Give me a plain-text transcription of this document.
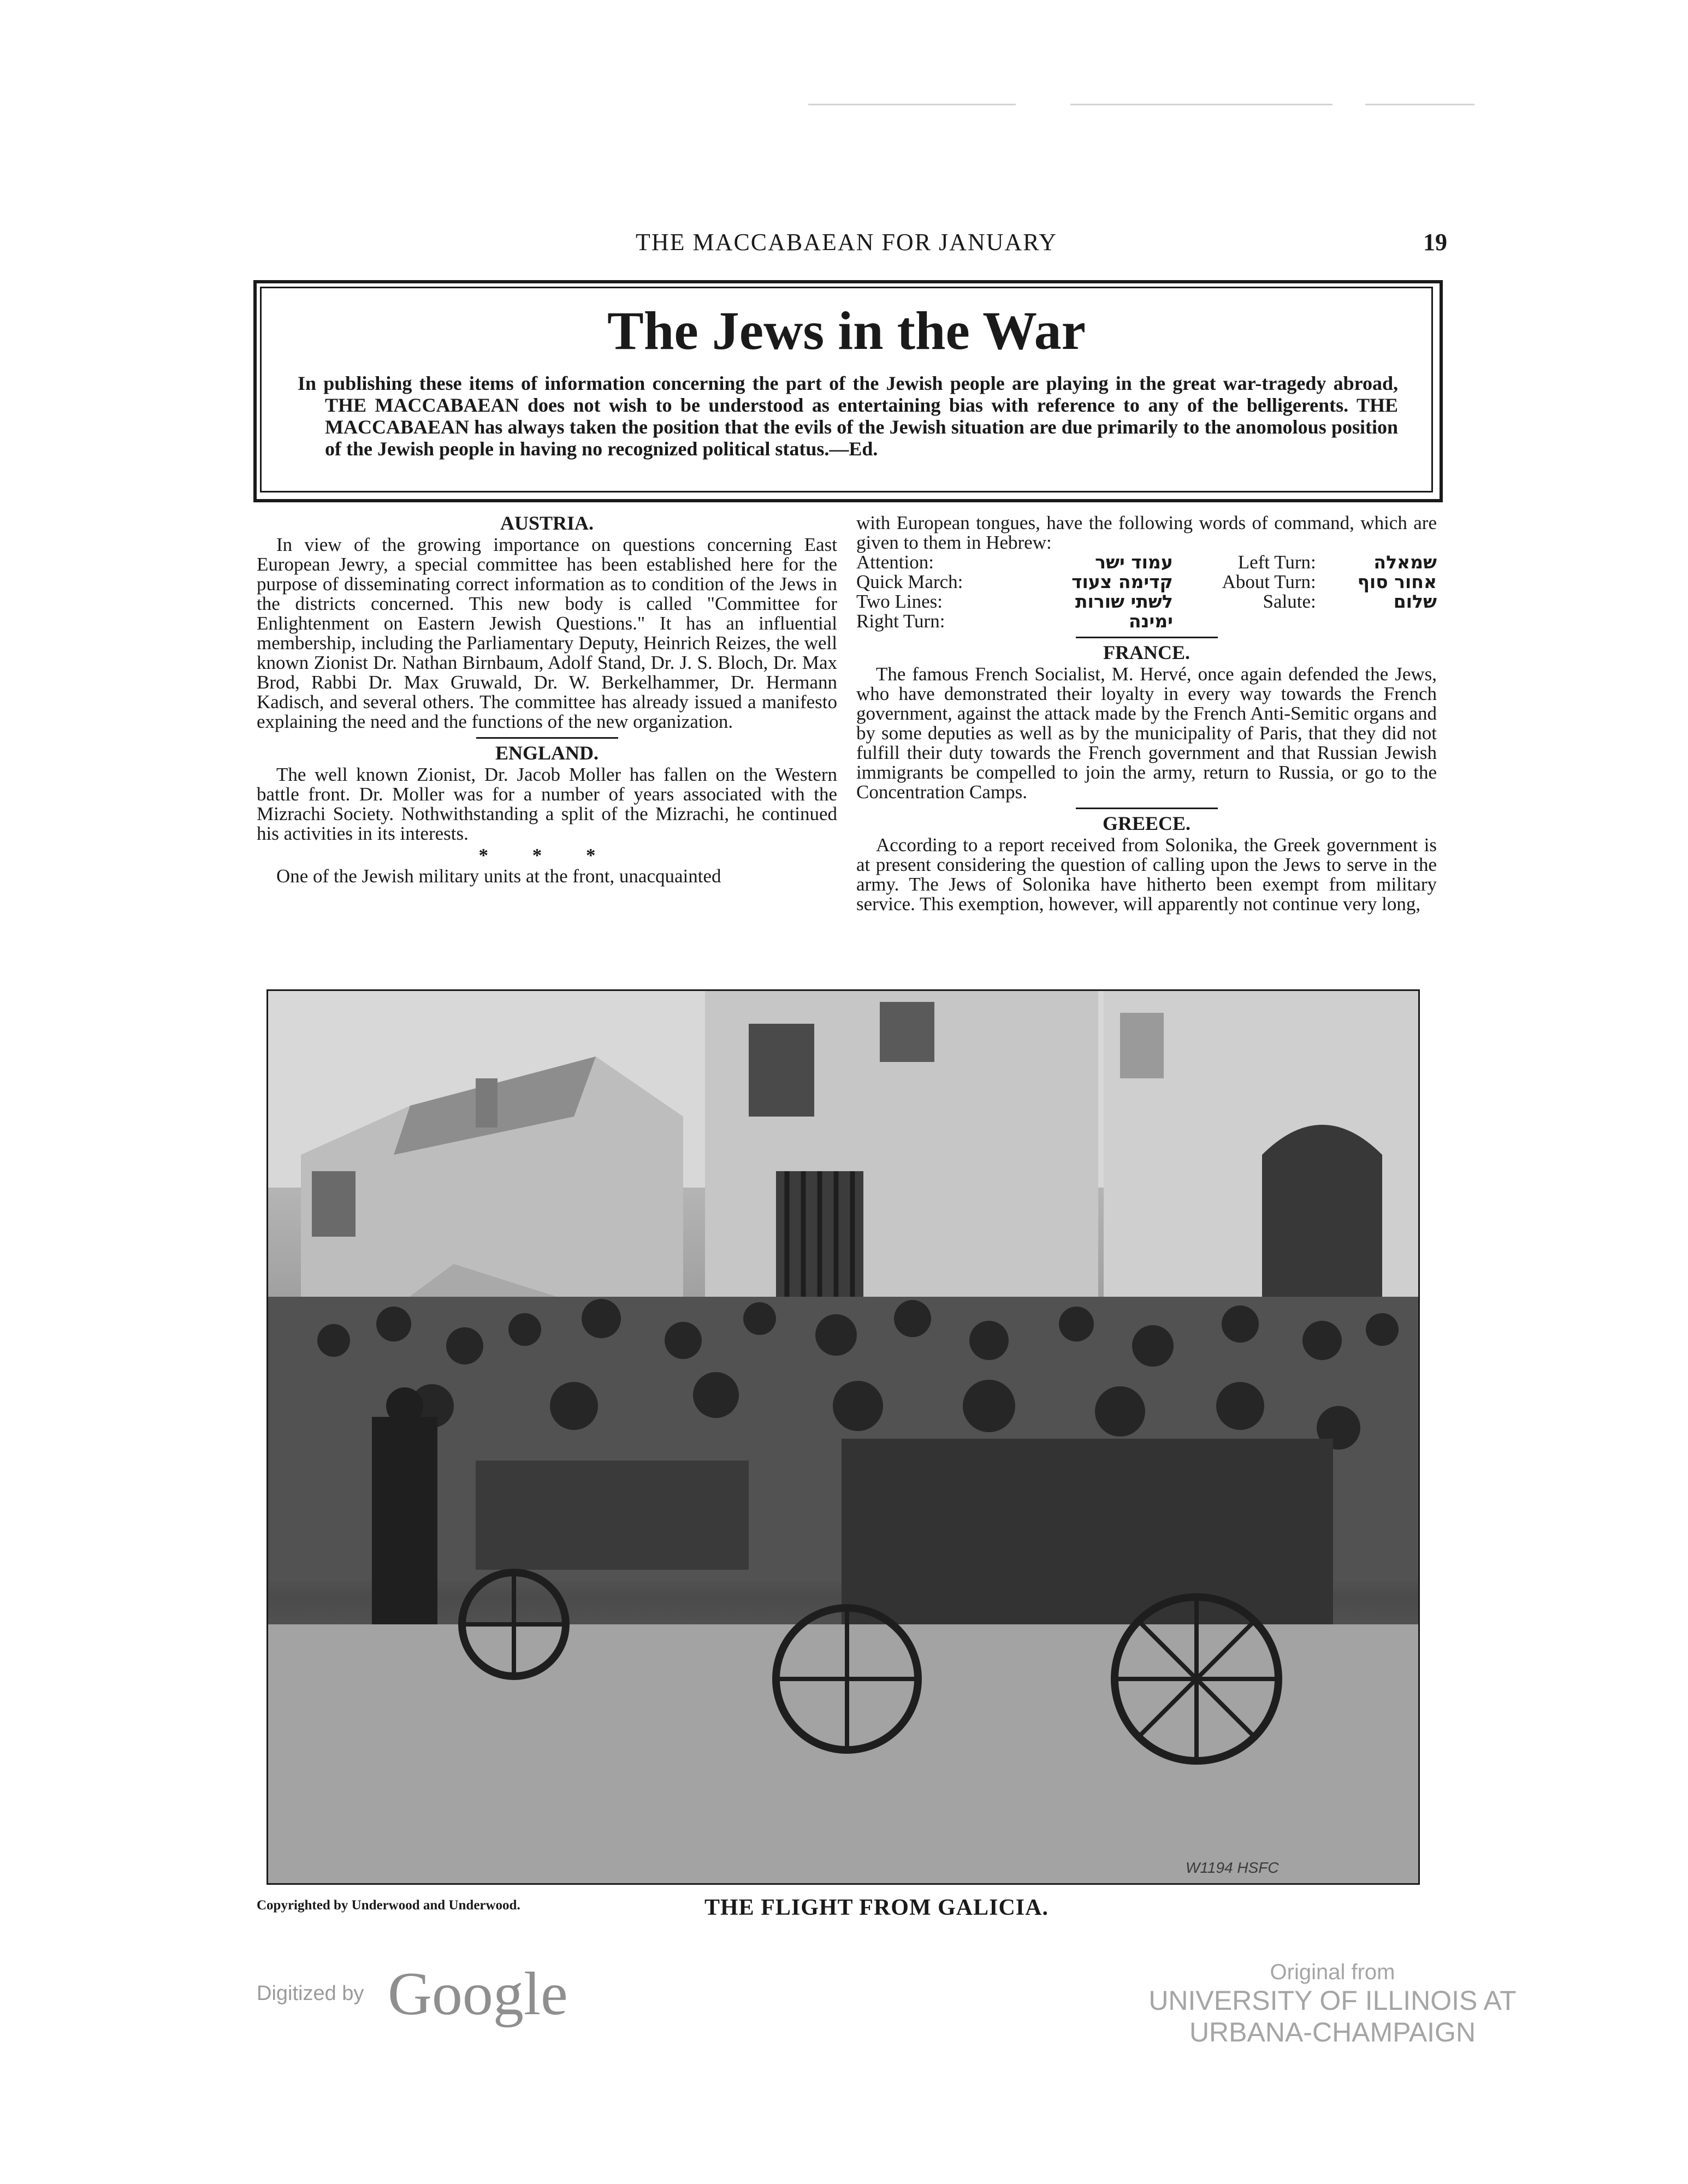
THE MACCABAEAN FOR JANUARY	19
The Jews in the War
In publishing these items of information concerning the part of the Jewish people are playing in the great war-tragedy abroad, THE MACCABAEAN does not wish to be understood as entertaining bias with reference to any of the belligerents. THE MACCABAEAN has always taken the position that the evils of the Jewish situation are due primarily to the anomolous position of the Jewish people in having no recognized political status.—Ed.
AUSTRIA.

In view of the growing importance on questions concerning East European Jewry, a special committee has been established here for the purpose of disseminating correct information as to condition of the Jews in the districts concerned. This new body is called "Committee for Enlightenment on Eastern Jewish Questions." It has an influential membership, including the Parliamentary Deputy, Heinrich Reizes, the well known Zionist Dr. Nathan Birnbaum, Adolf Stand, Dr. J. S. Bloch, Dr. Max Brod, Rabbi Dr. Max Gruwald, Dr. W. Berkelhammer, Dr. Hermann Kadisch, and several others. The committee has already issued a manifesto explaining the need and the functions of the new organization.

ENGLAND.

The well known Zionist, Dr. Jacob Moller has fallen on the Western battle front. Dr. Moller was for a number of years associated with the Mizrachi Society. Nothwithstanding a split of the Mizrachi, he continued his activities in its interests.

* * *

One of the Jewish military units at the front, unacquainted

with European tongues, have the following words of command, which are given to them in Hebrew:

Attention:	עמוד ישר	Left Turn:	שמאלה
Quick March:	קדימה צעוד	About Turn:	אחור סוף
Two Lines:	לשתי שורות	Salute:	שלום
Right Turn:	ימינה		
FRANCE.

The famous French Socialist, M. Hervé, once again defended the Jews, who have demonstrated their loyalty in every way towards the French government, against the attack made by the French Anti-Semitic organs and by some deputies as well as by the municipality of Paris, that they did not fulfill their duty towards the French government and that Russian Jewish immigrants be compelled to join the army, return to Russia, or go to the Concentration Camps.

GREECE.

According to a report received from Solonika, the Greek government is at present considering the question of calling upon the Jews to serve in the army. The Jews of Solonika have hitherto been exempt from military service. This exemption, however, will apparently not continue very long,

W1194 HSFC
Copyrighted by Underwood and Underwood.	THE FLIGHT FROM GALICIA.
Digitized by Google	Original from
UNIVERSITY OF ILLINOIS AT
URBANA-CHAMPAIGN
